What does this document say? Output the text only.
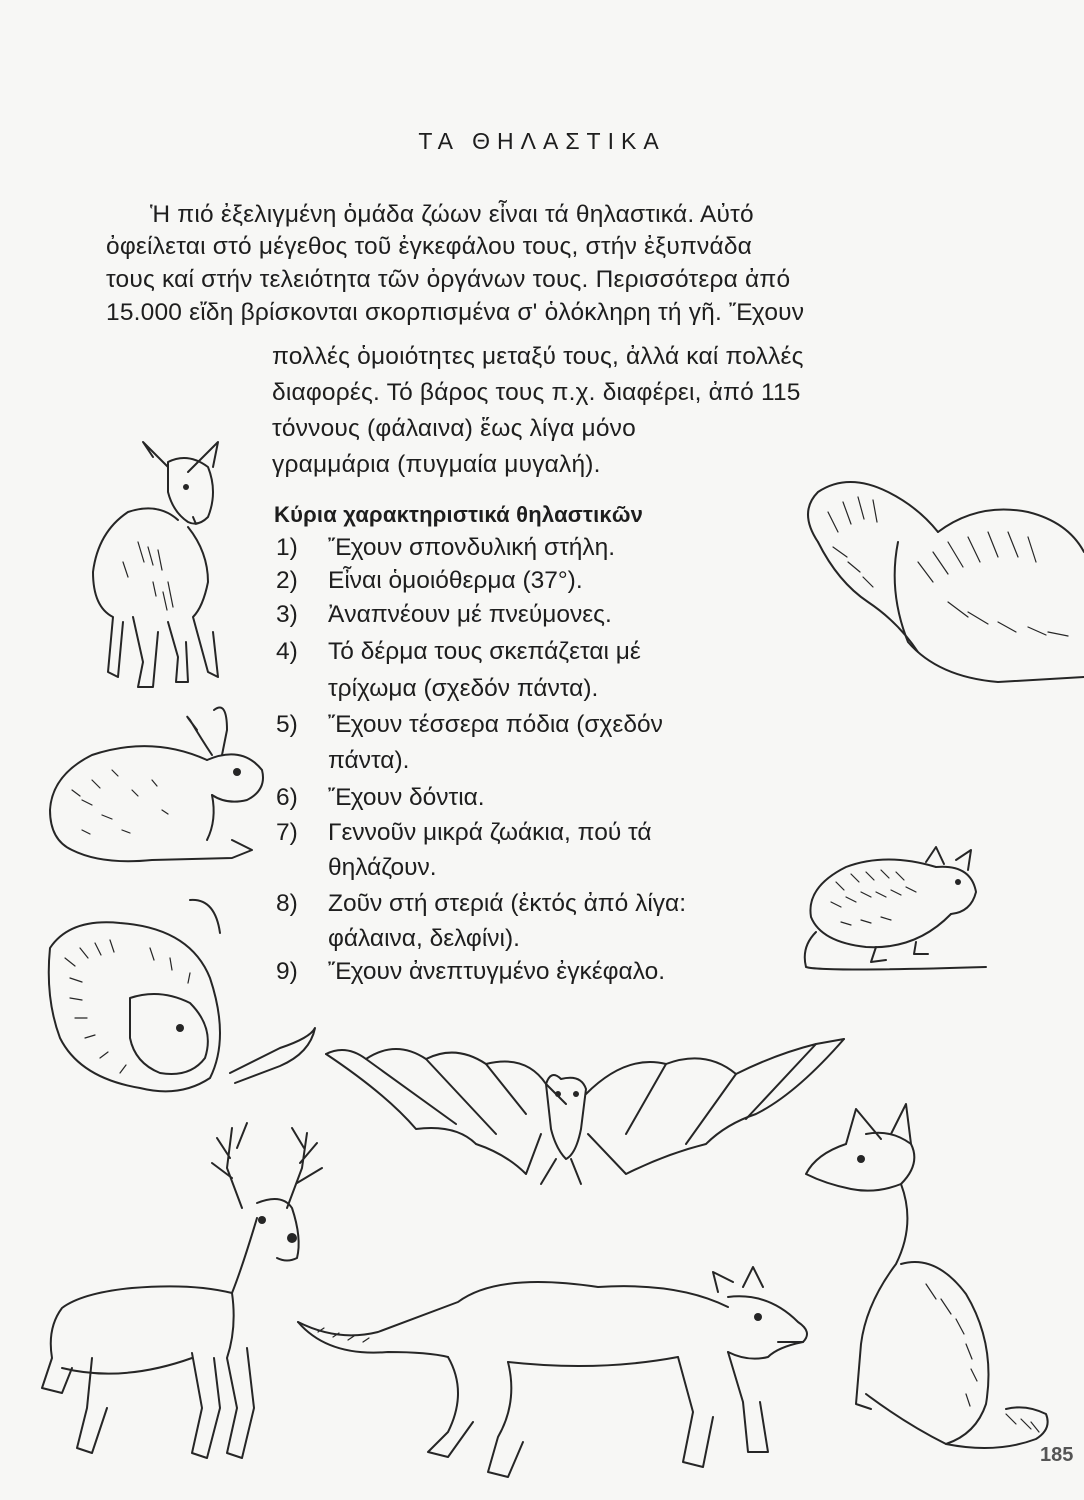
ΤΑ ΘΗΛΑΣΤΙΚΑ

Ἡ πιό ἐξελιγμένη ὁμάδα ζώων εἶναι τά θηλαστικά. Αὐτό

ὀφείλεται στό μέγεθος τοῦ ἐγκεφάλου τους, στήν ἐξυπνάδα

τους καί στήν τελειότητα τῶν ὀργάνων τους. Περισσότερα ἀπό

15.000 εἴδη βρίσκονται σκορπισμένα σ' ὁλόκληρη τή γῆ. Ἔχουν

πολλές ὁμοιότητες μεταξύ τους, ἀλλά καί πολλές

διαφορές. Τό βάρος τους π.χ. διαφέρει, ἀπό 115

τόννους (φάλαινα) ἕως λίγα μόνο

γραμμάρια (πυγμαία μυγαλή).

Κύρια χαρακτηριστικά θηλαστικῶν

1)	Ἔχουν σπονδυλική στήλη.
2)	Εἶναι ὁμοιόθερμα (37°).
3)	Ἀναπνέουν μέ πνεύμονες.
4)	Τό δέρμα τους σκεπάζεται μέ
τρίχωμα (σχεδόν πάντα).
5)	Ἔχουν τέσσερα πόδια (σχεδόν
πάντα).
6)	Ἔχουν δόντια.
7)	Γεννοῦν μικρά ζωάκια, πού τά
θηλάζουν.
8)	Ζοῦν στή στεριά (ἐκτός ἀπό λίγα:
φάλαινα, δελφίνι).
9)	Ἔχουν ἀνεπτυγμένο ἐγκέφαλο.
185
